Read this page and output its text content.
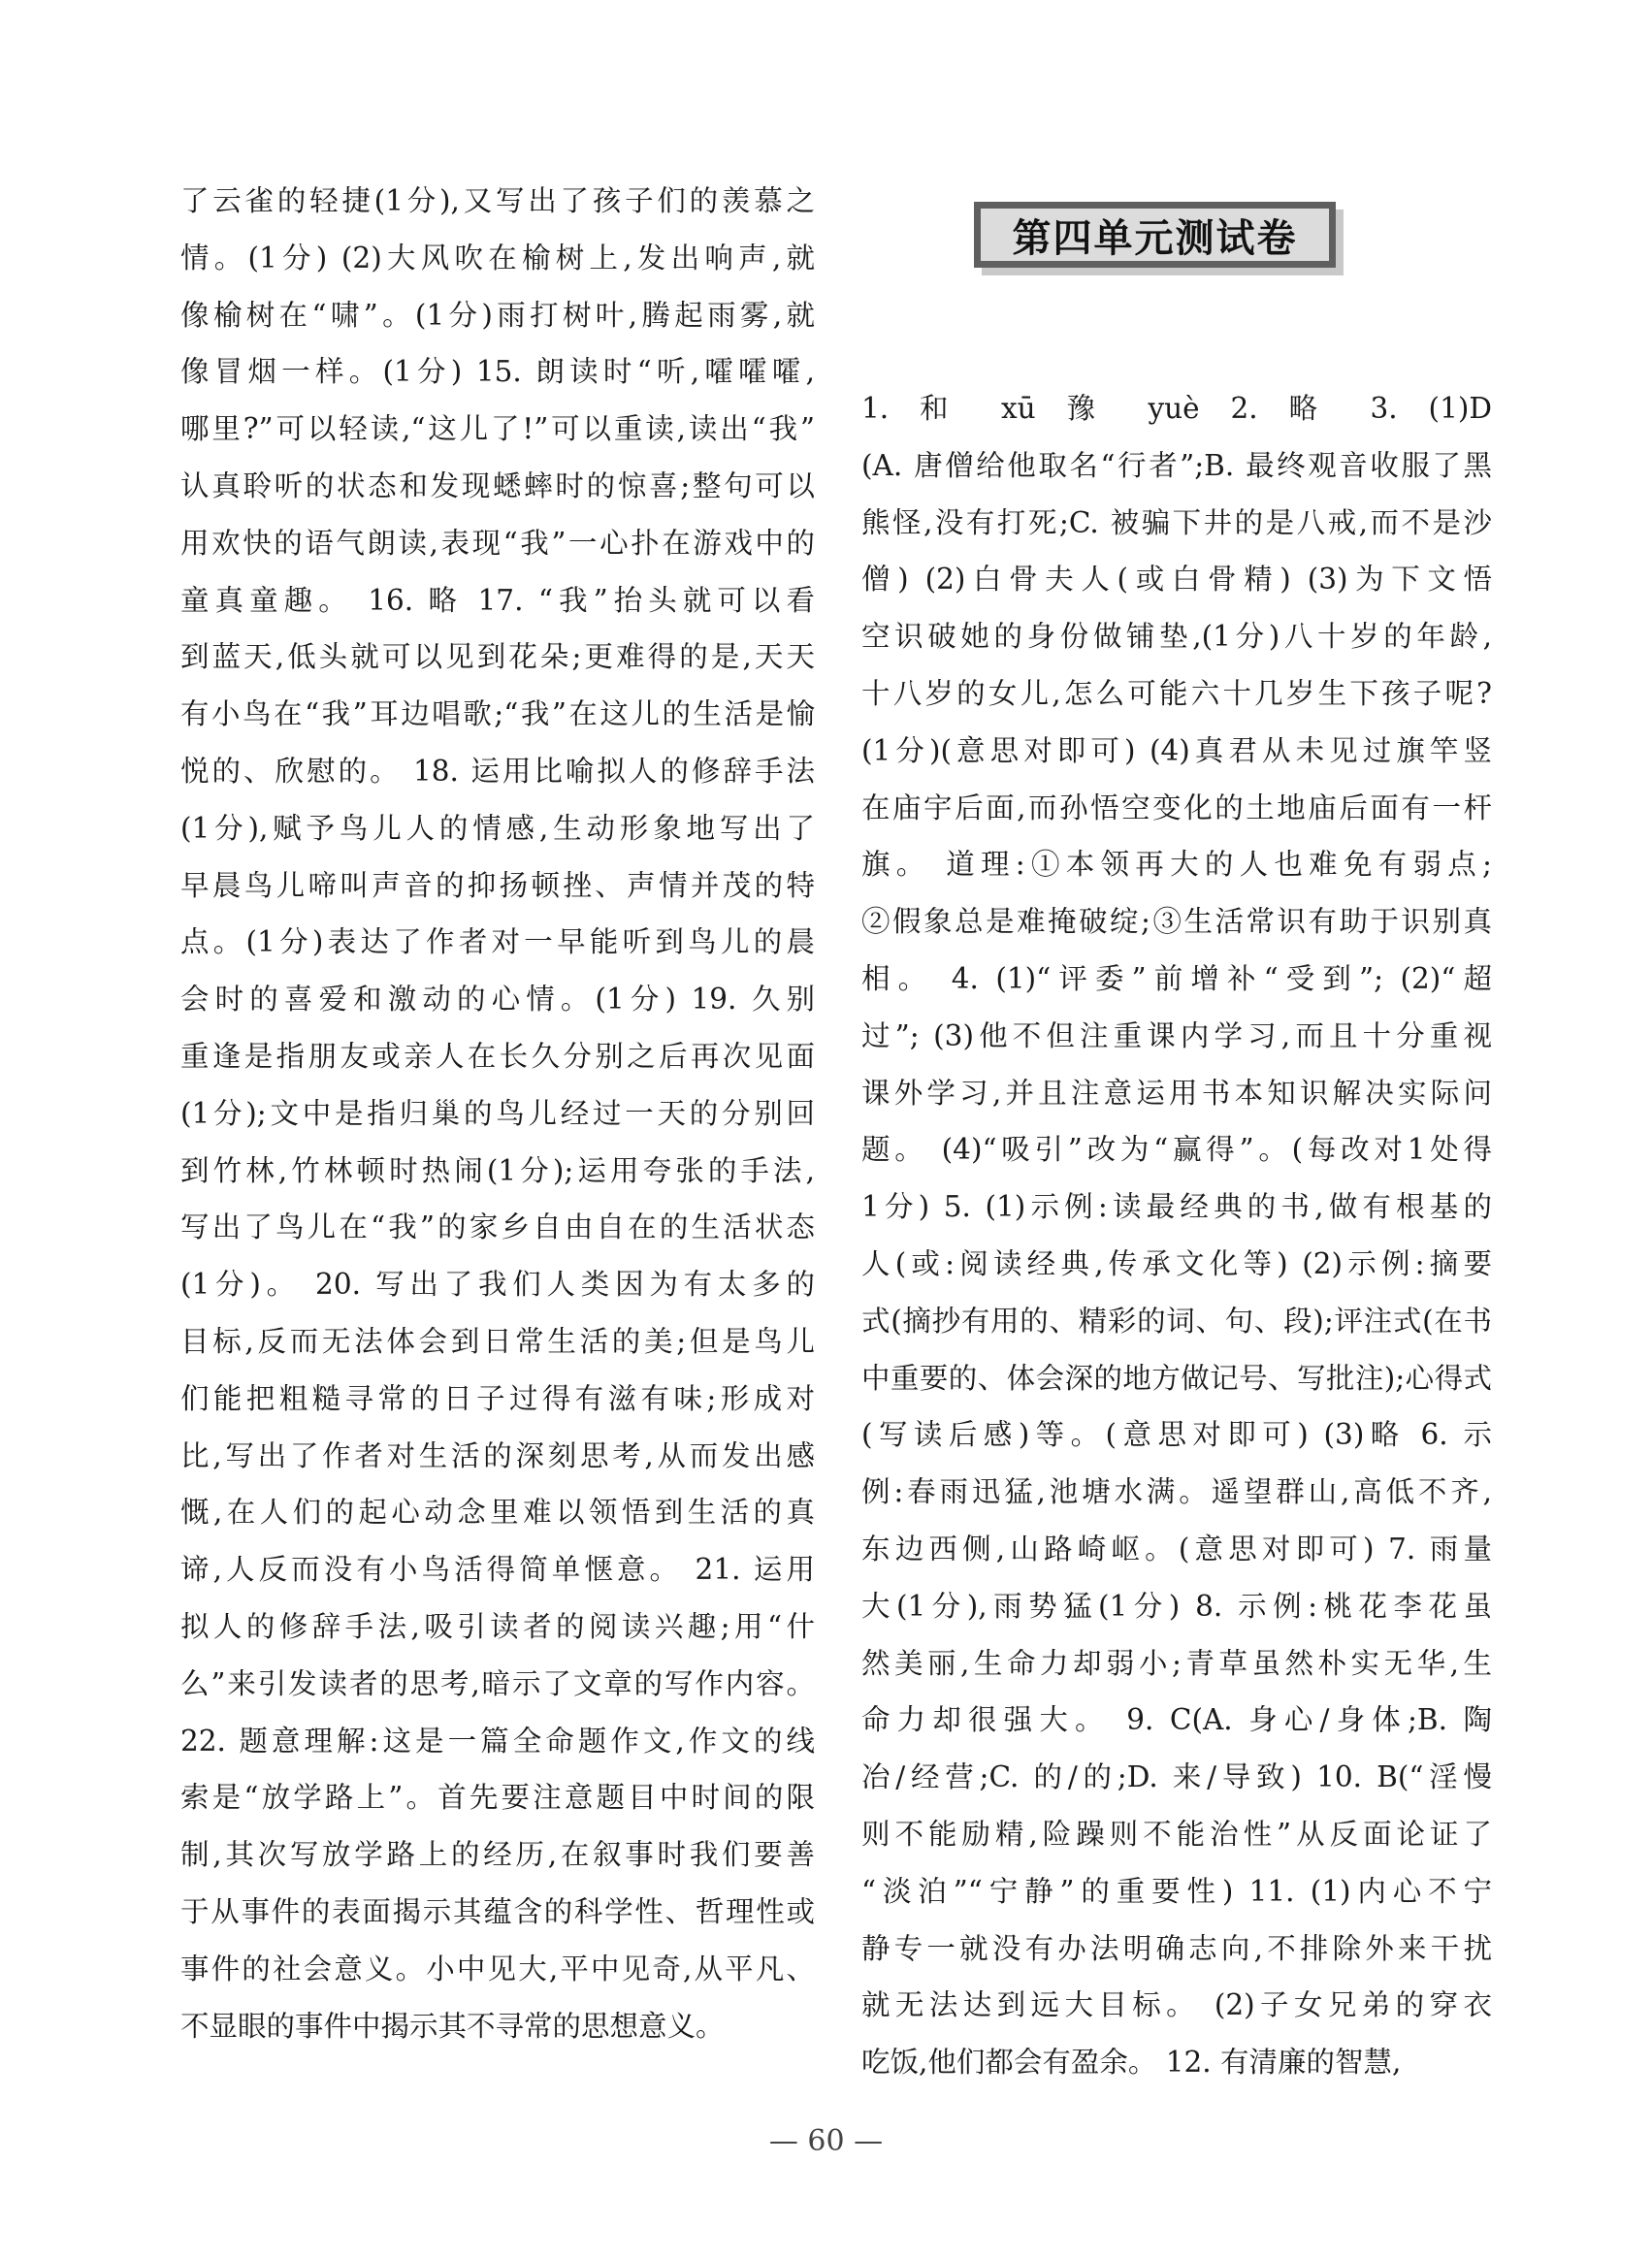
第四单元测试卷
了云雀的轻捷(1分),又写出了孩子们的羡慕之
情。(1分) (2)大风吹在榆树上,发出响声,就
像榆树在“啸”。(1分)雨打树叶,腾起雨雾,就
像冒烟一样。(1分) 15. 朗读时“听,嚯嚯嚯,
哪里?”可以轻读,“这儿了!”可以重读,读出“我”
认真聆听的状态和发现蟋蟀时的惊喜;整句可以
用欢快的语气朗读,表现“我”一心扑在游戏中的
童真童趣。 16. 略 17. “我”抬头就可以看
到蓝天,低头就可以见到花朵;更难得的是,天天
有小鸟在“我”耳边唱歌;“我”在这儿的生活是愉
悦的、欣慰的。 18. 运用比喻拟人的修辞手法
(1分),赋予鸟儿人的情感,生动形象地写出了
早晨鸟儿啼叫声音的抑扬顿挫、声情并茂的特
点。(1分)表达了作者对一早能听到鸟儿的晨
会时的喜爱和激动的心情。(1分) 19. 久别
重逢是指朋友或亲人在长久分别之后再次见面
(1分);文中是指归巢的鸟儿经过一天的分别回
到竹林,竹林顿时热闹(1分);运用夸张的手法,
写出了鸟儿在“我”的家乡自由自在的生活状态
(1分)。 20. 写出了我们人类因为有太多的
目标,反而无法体会到日常生活的美;但是鸟儿
们能把粗糙寻常的日子过得有滋有味;形成对
比,写出了作者对生活的深刻思考,从而发出感
慨,在人们的起心动念里难以领悟到生活的真
谛,人反而没有小鸟活得简单惬意。 21. 运用
拟人的修辞手法,吸引读者的阅读兴趣;用“什
么”来引发读者的思考,暗示了文章的写作内容。
22. 题意理解:这是一篇全命题作文,作文的线
索是“放学路上”。首先要注意题目中时间的限
制,其次写放学路上的经历,在叙事时我们要善
于从事件的表面揭示其蕴含的科学性、哲理性或
事件的社会意义。小中见大,平中见奇,从平凡、
不显眼的事件中揭示其不寻常的思想意义。
1. 和 xū 豫 yuè 2. 略 3. (1)D
(A. 唐僧给他取名“行者”;B. 最终观音收服了黑
熊怪,没有打死;C. 被骗下井的是八戒,而不是沙
僧) (2)白骨夫人(或白骨精) (3)为下文悟
空识破她的身份做铺垫,(1分)八十岁的年龄,
十八岁的女儿,怎么可能六十几岁生下孩子呢?
(1分)(意思对即可) (4)真君从未见过旗竿竖
在庙宇后面,而孙悟空变化的土地庙后面有一杆
旗。 道理:①本领再大的人也难免有弱点;
②假象总是难掩破绽;③生活常识有助于识别真
相。 4. (1)“评委”前增补“受到”; (2)“超
过”; (3)他不但注重课内学习,而且十分重视
课外学习,并且注意运用书本知识解决实际问
题。 (4)“吸引”改为“赢得”。(每改对1处得
1分) 5. (1)示例:读最经典的书,做有根基的
人(或:阅读经典,传承文化等) (2)示例:摘要
式(摘抄有用的、精彩的词、句、段);评注式(在书
中重要的、体会深的地方做记号、写批注);心得式
(写读后感)等。(意思对即可) (3)略 6. 示
例:春雨迅猛,池塘水满。遥望群山,高低不齐,
东边西侧,山路崎岖。(意思对即可) 7. 雨量
大(1分),雨势猛(1分) 8. 示例:桃花李花虽
然美丽,生命力却弱小;青草虽然朴实无华,生
命力却很强大。 9. C(A. 身心/身体;B. 陶
冶/经营;C. 的/的;D. 来/导致) 10. B(“淫慢
则不能励精,险躁则不能治性”从反面论证了
“淡泊”“宁静”的重要性) 11. (1)内心不宁
静专一就没有办法明确志向,不排除外来干扰
就无法达到远大目标。 (2)子女兄弟的穿衣
吃饭,他们都会有盈余。 12. 有清廉的智慧,
— 60 —
